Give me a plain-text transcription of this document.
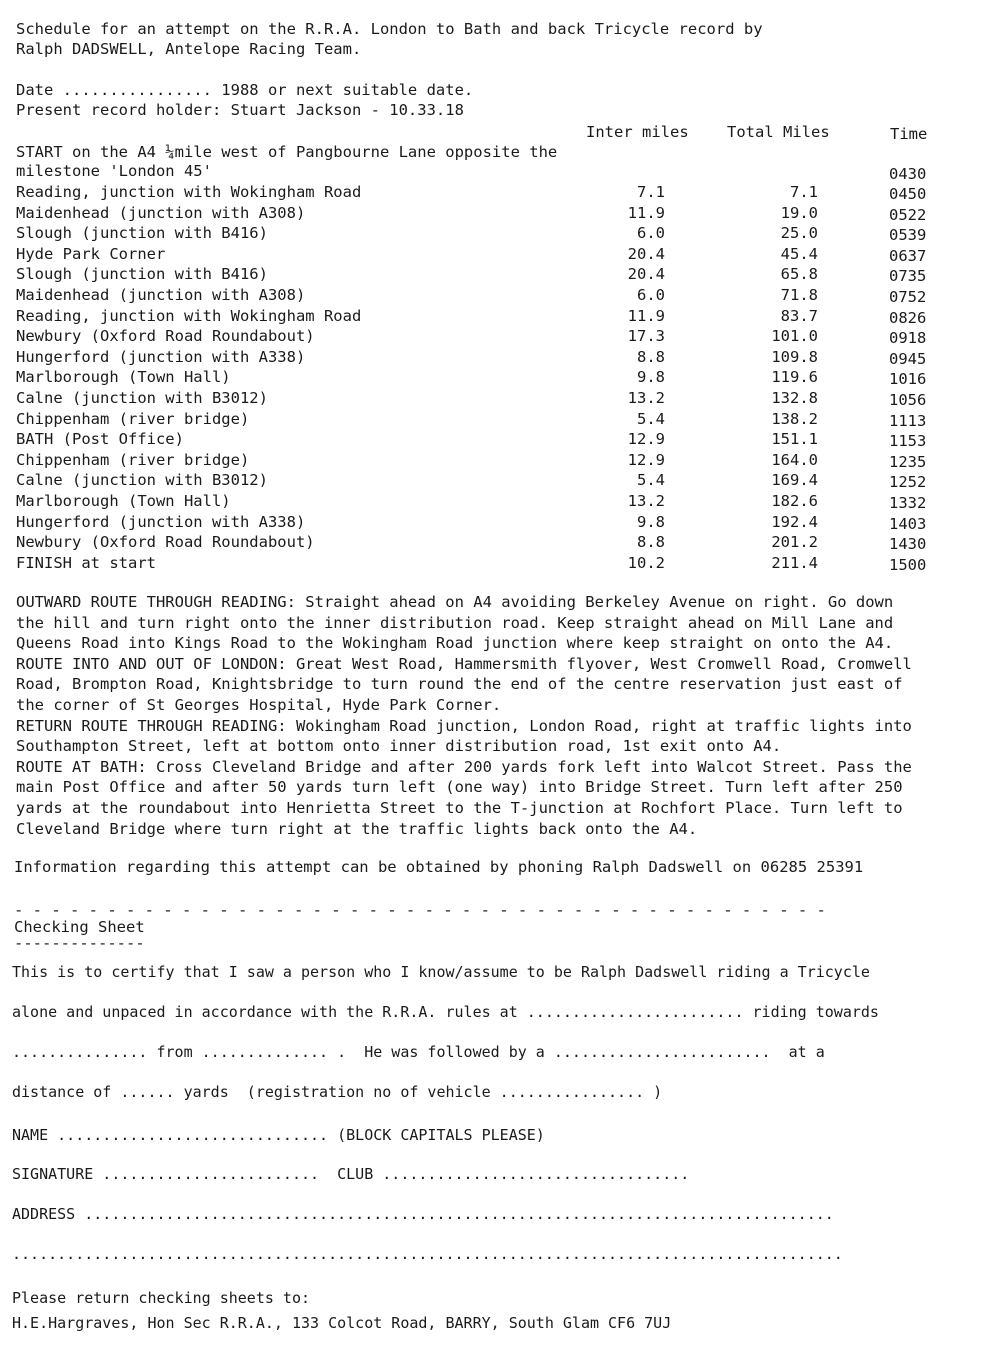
Schedule for an attempt on the R.R.A. London to Bath and back Tricycle record by
Ralph DADSWELL, Antelope Racing Team.
Date ................ 1988 or next suitable date.
Present record holder: Stuart Jackson - 10.33.18
Inter miles Total Miles	Time
START on the A4 ¼mile west of Pangbourne Lane opposite the
milestone 'London 45'	0430
Reading, junction with Wokingham Road	7.1	7.1	0450
Maidenhead (junction with A308)	11.9	19.0	0522
Slough (junction with B416)	6.0	25.0	0539
Hyde Park Corner	20.4	45.4	0637
Slough (junction with B416)	20.4	65.8	0735
Maidenhead (junction with A308)	6.0	71.8	0752
Reading, junction with Wokingham Road	11.9	83.7	0826
Newbury (Oxford Road Roundabout)	17.3	101.0	0918
Hungerford (junction with A338)	8.8	109.8	0945
Marlborough (Town Hall)	9.8	119.6	1016
Calne (junction with B3012)	13.2	132.8	1056
Chippenham (river bridge)	5.4	138.2	1113
BATH (Post Office)	12.9	151.1	1153
Chippenham (river bridge)	12.9	164.0	1235
Calne (junction with B3012)	5.4	169.4	1252
Marlborough (Town Hall)	13.2	182.6	1332
Hungerford (junction with A338)	9.8	192.4	1403
Newbury (Oxford Road Roundabout)	8.8	201.2	1430
FINISH at start	10.2	211.4	1500
OUTWARD ROUTE THROUGH READING: Straight ahead on A4 avoiding Berkeley Avenue on right. Go down
the hill and turn right onto the inner distribution road. Keep straight ahead on Mill Lane and
Queens Road into Kings Road to the Wokingham Road junction where keep straight on onto the A4.
ROUTE INTO AND OUT OF LONDON: Great West Road, Hammersmith flyover, West Cromwell Road, Cromwell
Road, Brompton Road, Knightsbridge to turn round the end of the centre reservation just east of
the corner of St Georges Hospital, Hyde Park Corner.
RETURN ROUTE THROUGH READING: Wokingham Road junction, London Road, right at traffic lights into
Southampton Street, left at bottom onto inner distribution road, 1st exit onto A4.
ROUTE AT BATH: Cross Cleveland Bridge and after 200 yards fork left into Walcot Street. Pass the
main Post Office and after 50 yards turn left (one way) into Bridge Street. Turn left after 250
yards at the roundabout into Henrietta Street to the T-junction at Rochfort Place. Turn left to
Cleveland Bridge where turn right at the traffic lights back onto the A4.
Information regarding this attempt can be obtained by phoning Ralph Dadswell on 06285 25391
- - - - - - - - - - - - - - - - - - - - - - - - - - - - - - - - - - - - - - - - - - - -
Checking Sheet
--------------
This is to certify that I saw a person who I know/assume to be Ralph Dadswell riding a Tricycle
alone and unpaced in accordance with the R.R.A. rules at ........................ riding towards
............... from .............. .  He was followed by a ........................  at a
distance of ...... yards  (registration no of vehicle ................ )
NAME .............................. (BLOCK CAPITALS PLEASE)
SIGNATURE ........................  CLUB ..................................
ADDRESS ...................................................................................
............................................................................................
Please return checking sheets to:
H.E.Hargraves, Hon Sec R.R.A., 133 Colcot Road, BARRY, South Glam CF6 7UJ
